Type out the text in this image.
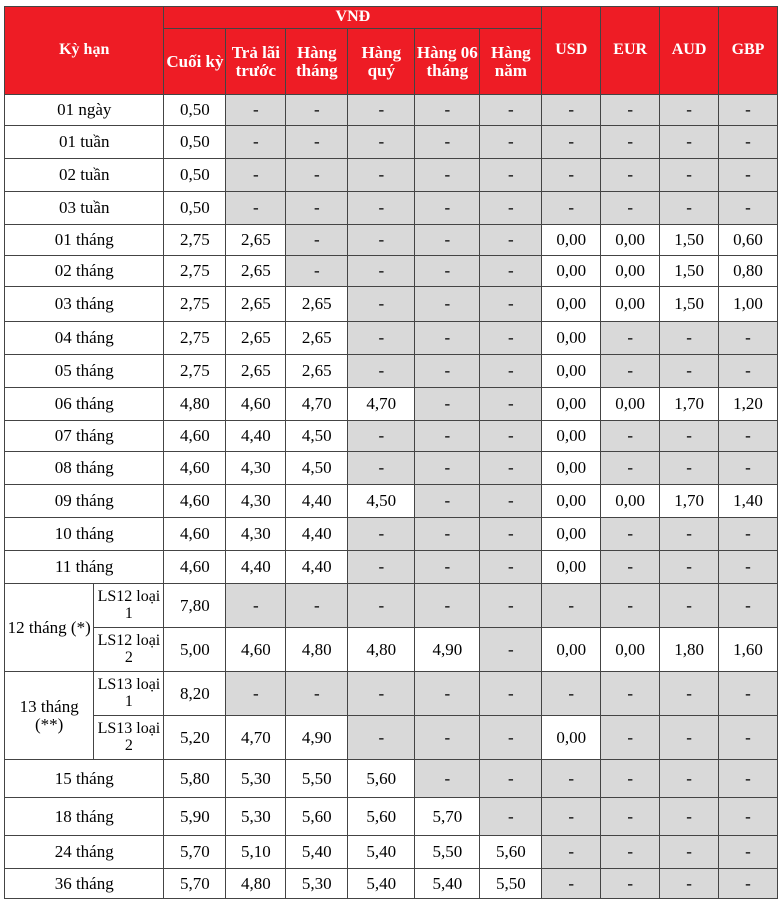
Kỳ hạn		VNĐ						USD	EUR	AUD	GBP
		Cuối kỳ	Trả lãi trước	Hàng tháng	Hàng quý	Hàng 06 tháng	Hàng năm				
01 ngày		0,50	-	-	-	-	-	-	-	-	-
01 tuần		0,50	-	-	-	-	-	-	-	-	-
02 tuần		0,50	-	-	-	-	-	-	-	-	-
03 tuần		0,50	-	-	-	-	-	-	-	-	-
01 tháng		2,75	2,65	-	-	-	-	0,00	0,00	1,50	0,60
02 tháng		2,75	2,65	-	-	-	-	0,00	0,00	1,50	0,80
03 tháng		2,75	2,65	2,65	-	-	-	0,00	0,00	1,50	1,00
04 tháng		2,75	2,65	2,65	-	-	-	0,00	-	-	-
05 tháng		2,75	2,65	2,65	-	-	-	0,00	-	-	-
06 tháng		4,80	4,60	4,70	4,70	-	-	0,00	0,00	1,70	1,20
07 tháng		4,60	4,40	4,50	-	-	-	0,00	-	-	-
08 tháng		4,60	4,30	4,50	-	-	-	0,00	-	-	-
09 tháng		4,60	4,30	4,40	4,50	-	-	0,00	0,00	1,70	1,40
10 tháng		4,60	4,30	4,40	-	-	-	0,00	-	-	-
11 tháng		4,60	4,40	4,40	-	-	-	0,00	-	-	-
12 tháng (*)	LS12 loại 1	7,80	-	-	-	-	-	-	-	-	-
	LS12 loại 2	5,00	4,60	4,80	4,80	4,90	-	0,00	0,00	1,80	1,60
13 tháng (**)	LS13 loại 1	8,20	-	-	-	-	-	-	-	-	-
	LS13 loại 2	5,20	4,70	4,90	-	-	-	0,00	-	-	-
15 tháng		5,80	5,30	5,50	5,60	-	-	-	-	-	-
18 tháng		5,90	5,30	5,60	5,60	5,70	-	-	-	-	-
24 tháng		5,70	5,10	5,40	5,40	5,50	5,60	-	-	-	-
36 tháng		5,70	4,80	5,30	5,40	5,40	5,50	-	-	-	-
